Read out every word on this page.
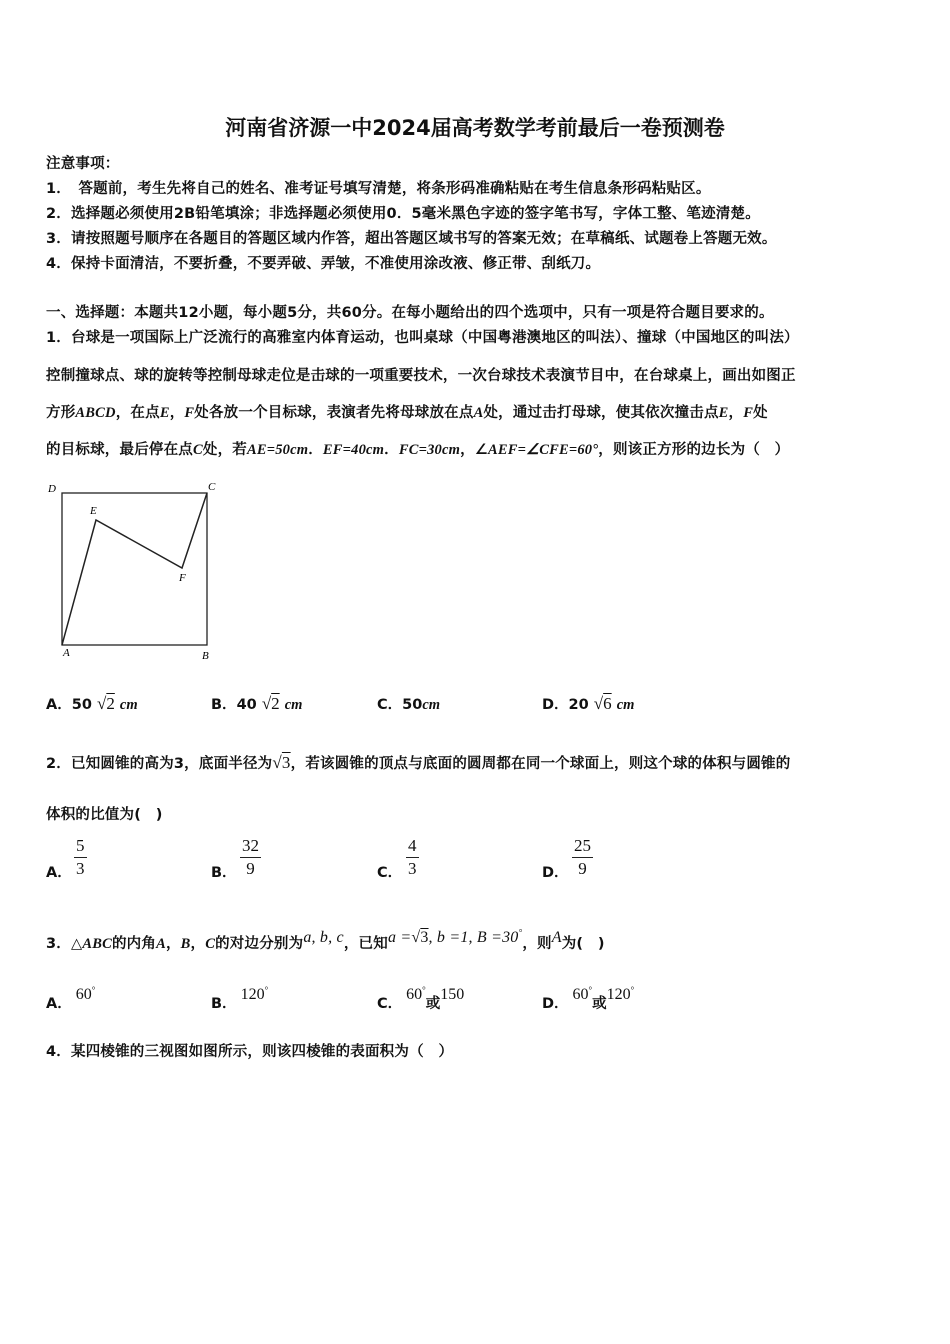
河南省济源一中2024届高考数学考前最后一卷预测卷
注意事项：
1．　答题前，考生先将自己的姓名、准考证号填写清楚，将条形码准确粘贴在考生信息条形码粘贴区。
2．选择题必须使用2B铅笔填涂；非选择题必须使用0．5毫米黑色字迹的签字笔书写，字体工整、笔迹清楚。
3．请按照题号顺序在各题目的答题区域内作答，超出答题区域书写的答案无效；在草稿纸、试题卷上答题无效。
4．保持卡面清洁，不要折叠，不要弄破、弄皱，不准使用涂改液、修正带、刮纸刀。
一、选择题：本题共12小题，每小题5分，共60分。在每小题给出的四个选项中，只有一项是符合题目要求的。
1．台球是一项国际上广泛流行的高雅室内体育运动，也叫桌球（中国粤港澳地区的叫法）、撞球（中国地区的叫法）
控制撞球点、球的旋转等控制母球走位是击球的一项重要技术，一次台球技术表演节目中，在台球桌上，画出如图正
方形ABCD，在点E，F处各放一个目标球，表演者先将母球放在点A处，通过击打母球，使其依次撞击点E，F处
的目标球，最后停在点C处，若AE=50cm．EF=40cm．FC=30cm，∠AEF=∠CFE=60°，则该正方形的边长为（　）
D	C
E
F
A	B
A．50 √2 cm	B．40 √2 cm	C．50cm	D．20 √6 cm
2．已知圆锥的高为3，底面半径为√3，若该圆锥的顶点与底面的圆周都在同一个球面上，则这个球的体积与圆锥的
体积的比值为(　)
A． $\frac{5}{3}$	B． $\frac{32}{9}$	C． $\frac{4}{3}$	D． $\frac{25}{9}$
3．△ABC的内角A，B，C的对边分别为a, b, c，已知a =√3, b =1, B =30°，则A为(　)
A．60°
B．120°
C．60°或150
D．60°或120°
4．某四棱锥的三视图如图所示，则该四棱锥的表面积为（　）
